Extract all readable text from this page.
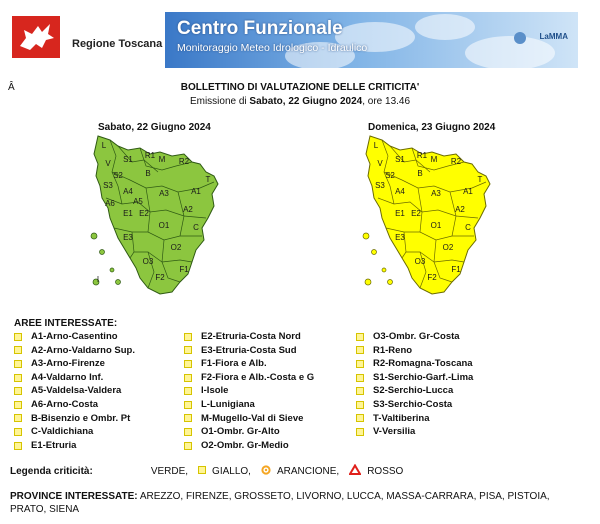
Regione Toscana
Centro Funzionale
Monitoraggio Meteo Idrologico - Idraulico
LaMMA
Â	BOLLETTINO DI VALUTAZIONE DELLE CRITICITA'
Emissione di Sabato, 22 Giugno 2024, ore 13.46
Sabato, 22 Giugno 2024	Domenica, 23 Giugno 2024
S1 R1
S2
S3
A4
B
M
A1
E1
A3
A2
C
E2
A6 A5
E3
O1
O2
O3
F2
F1
R2
T
L
V
I
L
S1 R1
V
S2
S3
M R2
A4
B
A1
A3
E1	A2
C
E2
O1
T
E3
O2
O3
F2
F1
AREE INTERESSATE:
A1-Arno-Casentino
A2-Arno-Valdarno Sup.
A3-Arno-Firenze
A4-Valdarno Inf.
A5-Valdelsa-Valdera
A6-Arno-Costa
B-Bisenzio e Ombr. Pt
C-Valdichiana
E1-Etruria
E2-Etruria-Costa Nord
E3-Etruria-Costa Sud
F1-Fiora e Alb.
F2-Fiora e Alb.-Costa e G
I-Isole
L-Lunigiana
M-Mugello-Val di Sieve
O1-Ombr. Gr-Alto
O2-Ombr. Gr-Medio
O3-Ombr. Gr-Costa
R1-Reno
R2-Romagna-Toscana
S1-Serchio-Garf.-Lima
S2-Serchio-Lucca
S3-Serchio-Costa
T-Valtiberina
V-Versilia
Legenda criticità:	VERDE, GIALLO,	ARANCIONE,	ROSSO
PROVINCE INTERESSATE: AREZZO, FIRENZE, GROSSETO, LIVORNO, LUCCA, MASSA-CARRARA, PISA, PISTOIA, PRATO, SIENA
